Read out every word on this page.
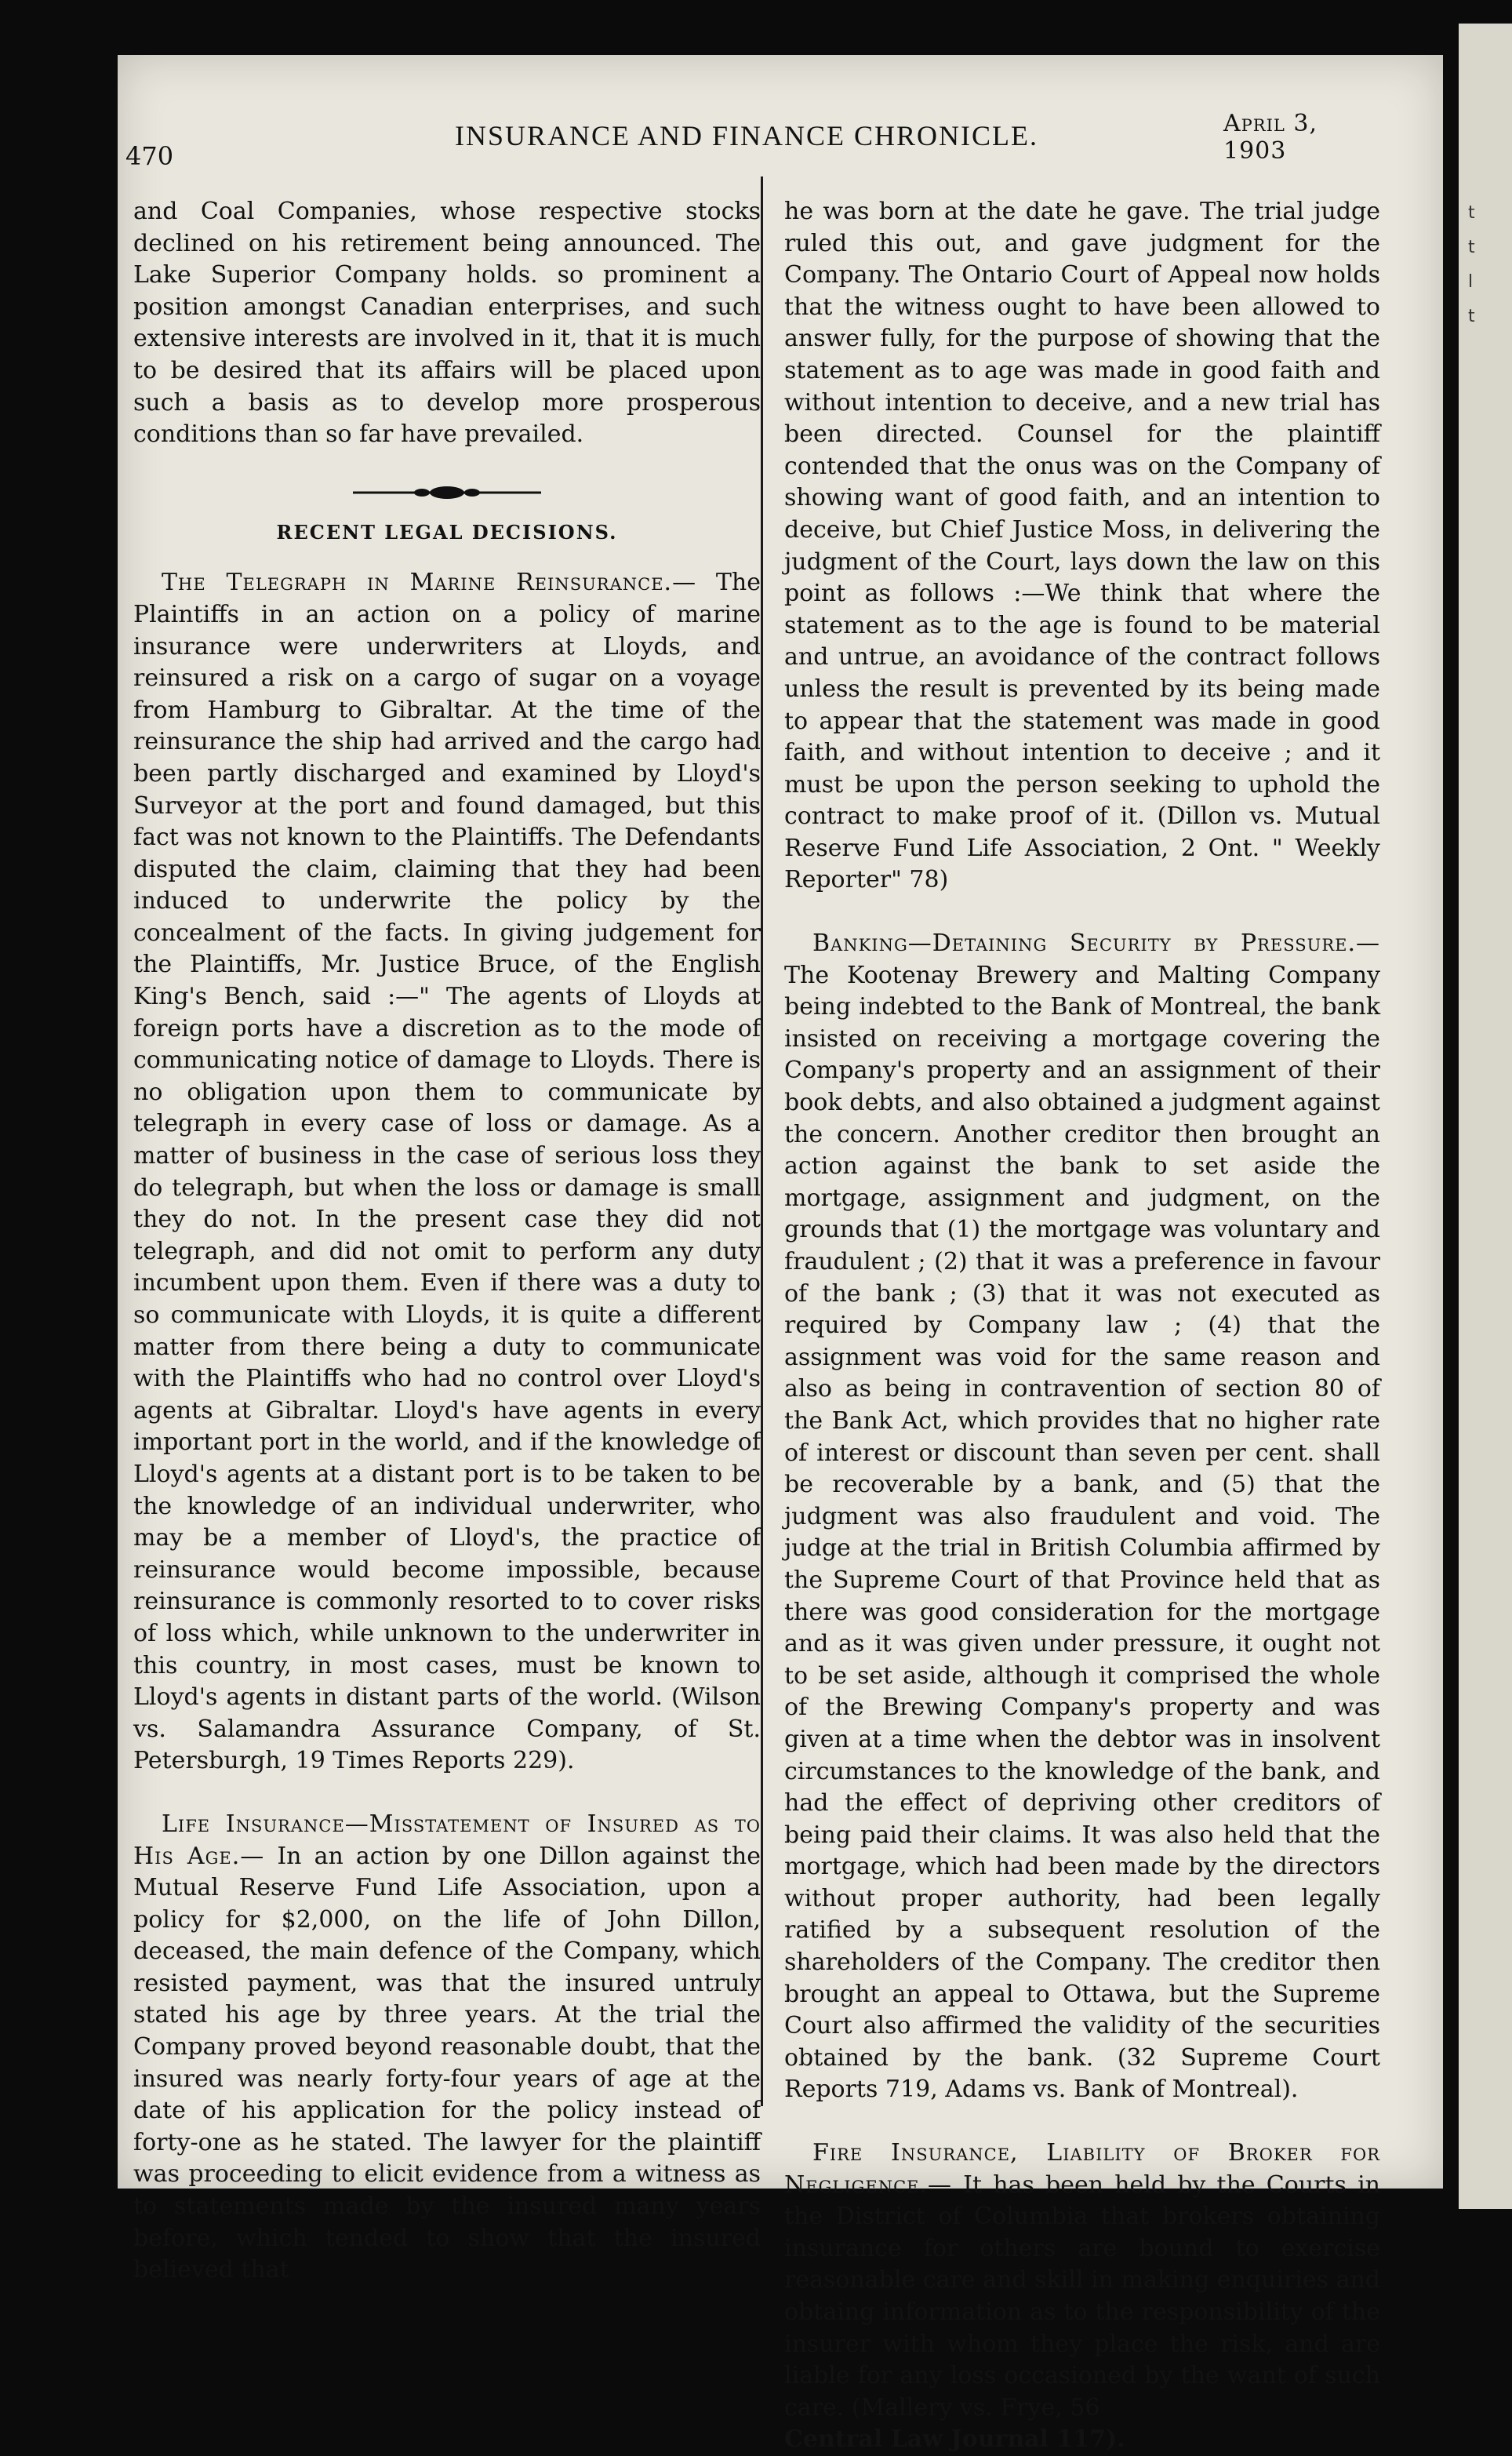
t
t
l
t
470
INSURANCE AND FINANCE CHRONICLE.	April 3, 1903

and Coal Companies, whose respective stocks declined on his retirement being announced. The Lake Superior Company holds. so prominent a position amongst Canadian enterprises, and such extensive interests are involved in it, that it is much to be desired that its affairs will be placed upon such a basis as to develop more prosperous conditions than so far have prevailed.

RECENT LEGAL DECISIONS.

The Telegraph in Marine Reinsurance.— The Plaintiffs in an action on a policy of marine insurance were underwriters at Lloyds, and reinsured a risk on a cargo of sugar on a voyage from Hamburg to Gibraltar. At the time of the reinsurance the ship had arrived and the cargo had been partly discharged and examined by Lloyd's Surveyor at the port and found damaged, but this fact was not known to the Plaintiffs. The Defendants disputed the claim, claiming that they had been induced to underwrite the policy by the concealment of the facts. In giving judgement for the Plaintiffs, Mr. Justice Bruce, of the English King's Bench, said :—" The agents of Lloyds at foreign ports have a discretion as to the mode of communicating notice of damage to Lloyds. There is no obligation upon them to communicate by telegraph in every case of loss or damage. As a matter of business in the case of serious loss they do telegraph, but when the loss or damage is small they do not. In the present case they did not telegraph, and did not omit to perform any duty incumbent upon them. Even if there was a duty to so communicate with Lloyds, it is quite a different matter from there being a duty to communicate with the Plaintiffs who had no control over Lloyd's agents at Gibraltar. Lloyd's have agents in every important port in the world, and if the knowledge of Lloyd's agents at a distant port is to be taken to be the knowledge of an individual underwriter, who may be a member of Lloyd's, the practice of reinsurance would become impossible, because reinsurance is commonly resorted to to cover risks of loss which, while unknown to the underwriter in this country, in most cases, must be known to Lloyd's agents in distant parts of the world. (Wilson vs. Salamandra Assurance Company, of St. Petersburgh, 19 Times Reports 229).

Life Insurance—Misstatement of Insured as to His Age.— In an action by one Dillon against the Mutual Reserve Fund Life Association, upon a policy for $2,000, on the life of John Dillon, deceased, the main defence of the Company, which resisted payment, was that the insured untruly stated his age by three years. At the trial the Company proved beyond reasonable doubt, that the insured was nearly forty-four years of age at the date of his application for the policy instead of forty-one as he stated. The lawyer for the plaintiff was proceeding to elicit evidence from a witness as to statements made by the insured many years before, which tended to show that the insured believed that

he was born at the date he gave. The trial judge ruled this out, and gave judgment for the Company. The Ontario Court of Appeal now holds that the witness ought to have been allowed to answer fully, for the purpose of showing that the statement as to age was made in good faith and without intention to deceive, and a new trial has been directed. Counsel for the plaintiff contended that the onus was on the Company of showing want of good faith, and an intention to deceive, but Chief Justice Moss, in delivering the judgment of the Court, lays down the law on this point as follows :—We think that where the statement as to the age is found to be material and untrue, an avoidance of the contract follows unless the result is prevented by its being made to appear that the statement was made in good faith, and without intention to deceive ; and it must be upon the person seeking to uphold the contract to make proof of it. (Dillon vs. Mutual Reserve Fund Life Association, 2 Ont. " Weekly Reporter" 78)

Banking—Detaining Security by Pressure.— The Kootenay Brewery and Malting Company being indebted to the Bank of Montreal, the bank insisted on receiving a mortgage covering the Company's property and an assignment of their book debts, and also obtained a judgment against the concern. Another creditor then brought an action against the bank to set aside the mortgage, assignment and judgment, on the grounds that (1) the mortgage was voluntary and fraudulent ; (2) that it was a preference in favour of the bank ; (3) that it was not executed as required by Company law ; (4) that the assignment was void for the same reason and also as being in contravention of section 80 of the Bank Act, which provides that no higher rate of interest or discount than seven per cent. shall be recoverable by a bank, and (5) that the judgment was also fraudulent and void. The judge at the trial in British Columbia affirmed by the Supreme Court of that Province held that as there was good consideration for the mortgage and as it was given under pressure, it ought not to be set aside, although it comprised the whole of the Brewing Company's property and was given at a time when the debtor was in insolvent circumstances to the knowledge of the bank, and had the effect of depriving other creditors of being paid their claims. It was also held that the mortgage, which had been made by the directors without proper authority, had been legally ratified by a subsequent resolution of the shareholders of the Company. The creditor then brought an appeal to Ottawa, but the Supreme Court also affirmed the validity of the securities obtained by the bank. (32 Supreme Court Reports 719, Adams vs. Bank of Montreal).

Fire Insurance, Liability of Broker for Negligence.— It has been held by the Courts in the District of Columbia that brokers obtaining insurance for others are bound to exercise reasonable care and skill in making enquiries and obtaing information as to the responsibility of the insurer with whom they place the risk, and are liable for any loss occasioned by the want of such care. (Mallery vs. Frye, 56

Central Law Journal 117).
